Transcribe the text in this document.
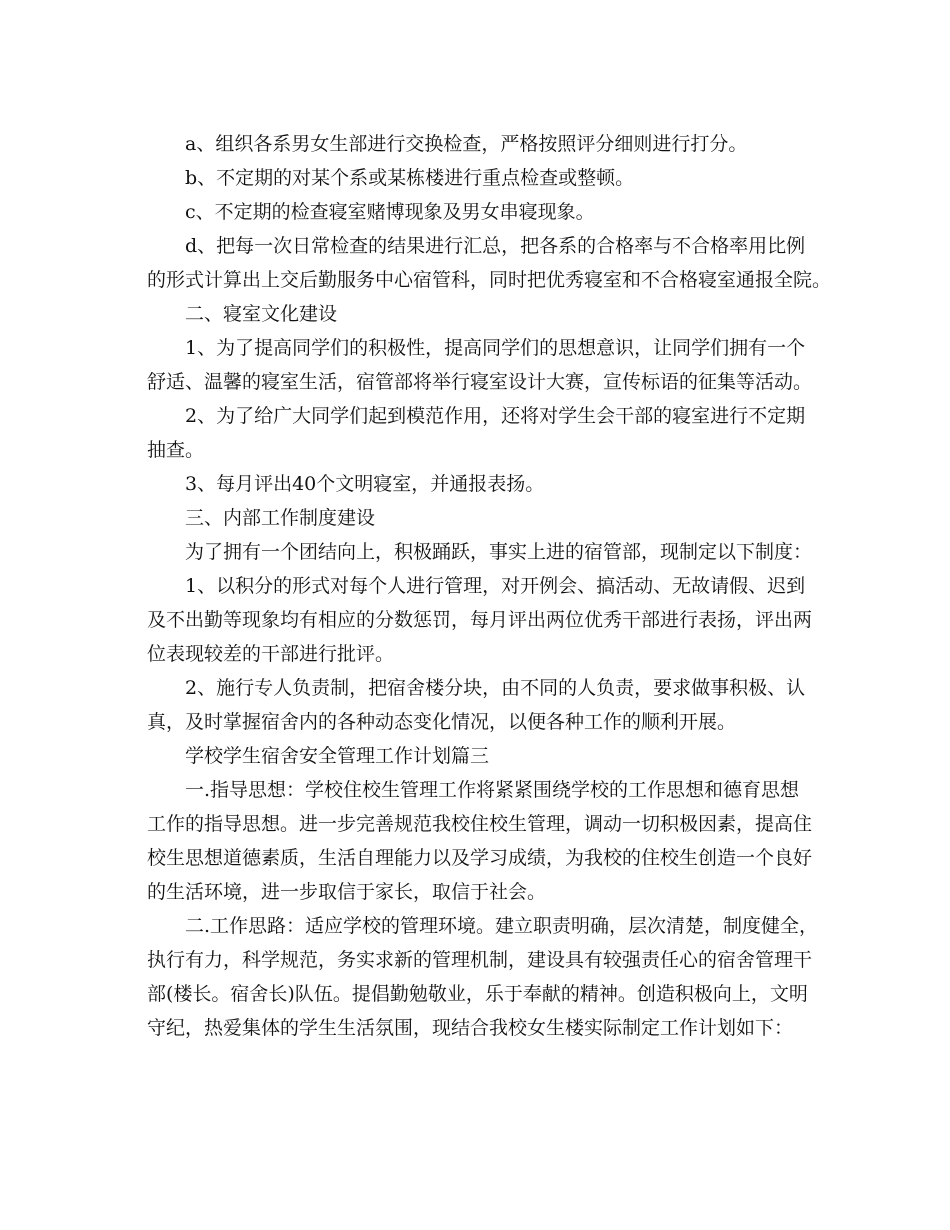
a、组织各系男女生部进行交换检查，严格按照评分细则进行打分。
b、不定期的对某个系或某栋楼进行重点检查或整顿。
c、不定期的检查寝室赌博现象及男女串寝现象。
d、把每一次日常检查的结果进行汇总，把各系的合格率与不合格率用比例
的形式计算出上交后勤服务中心宿管科，同时把优秀寝室和不合格寝室通报全院。
二、寝室文化建设
1、为了提高同学们的积极性，提高同学们的思想意识，让同学们拥有一个
舒适、温馨的寝室生活，宿管部将举行寝室设计大赛，宣传标语的征集等活动。
2、为了给广大同学们起到模范作用，还将对学生会干部的寝室进行不定期
抽查。
3、每月评出40个文明寝室，并通报表扬。
三、内部工作制度建设
为了拥有一个团结向上，积极踊跃，事实上进的宿管部，现制定以下制度：
1、以积分的形式对每个人进行管理，对开例会、搞活动、无故请假、迟到
及不出勤等现象均有相应的分数惩罚，每月评出两位优秀干部进行表扬，评出两
位表现较差的干部进行批评。
2、施行专人负责制，把宿舍楼分块，由不同的人负责，要求做事积极、认
真，及时掌握宿舍内的各种动态变化情况，以便各种工作的顺利开展。
学校学生宿舍安全管理工作计划篇三
一.指导思想：学校住校生管理工作将紧紧围绕学校的工作思想和德育思想
工作的指导思想。进一步完善规范我校住校生管理，调动一切积极因素，提高住
校生思想道德素质，生活自理能力以及学习成绩，为我校的住校生创造一个良好
的生活环境，进一步取信于家长，取信于社会。
二.工作思路：适应学校的管理环境。建立职责明确，层次清楚，制度健全，
执行有力，科学规范，务实求新的管理机制，建设具有较强责任心的宿舍管理干
部(楼长。宿舍长)队伍。提倡勤勉敬业，乐于奉献的精神。创造积极向上，文明
守纪，热爱集体的学生生活氛围，现结合我校女生楼实际制定工作计划如下：
